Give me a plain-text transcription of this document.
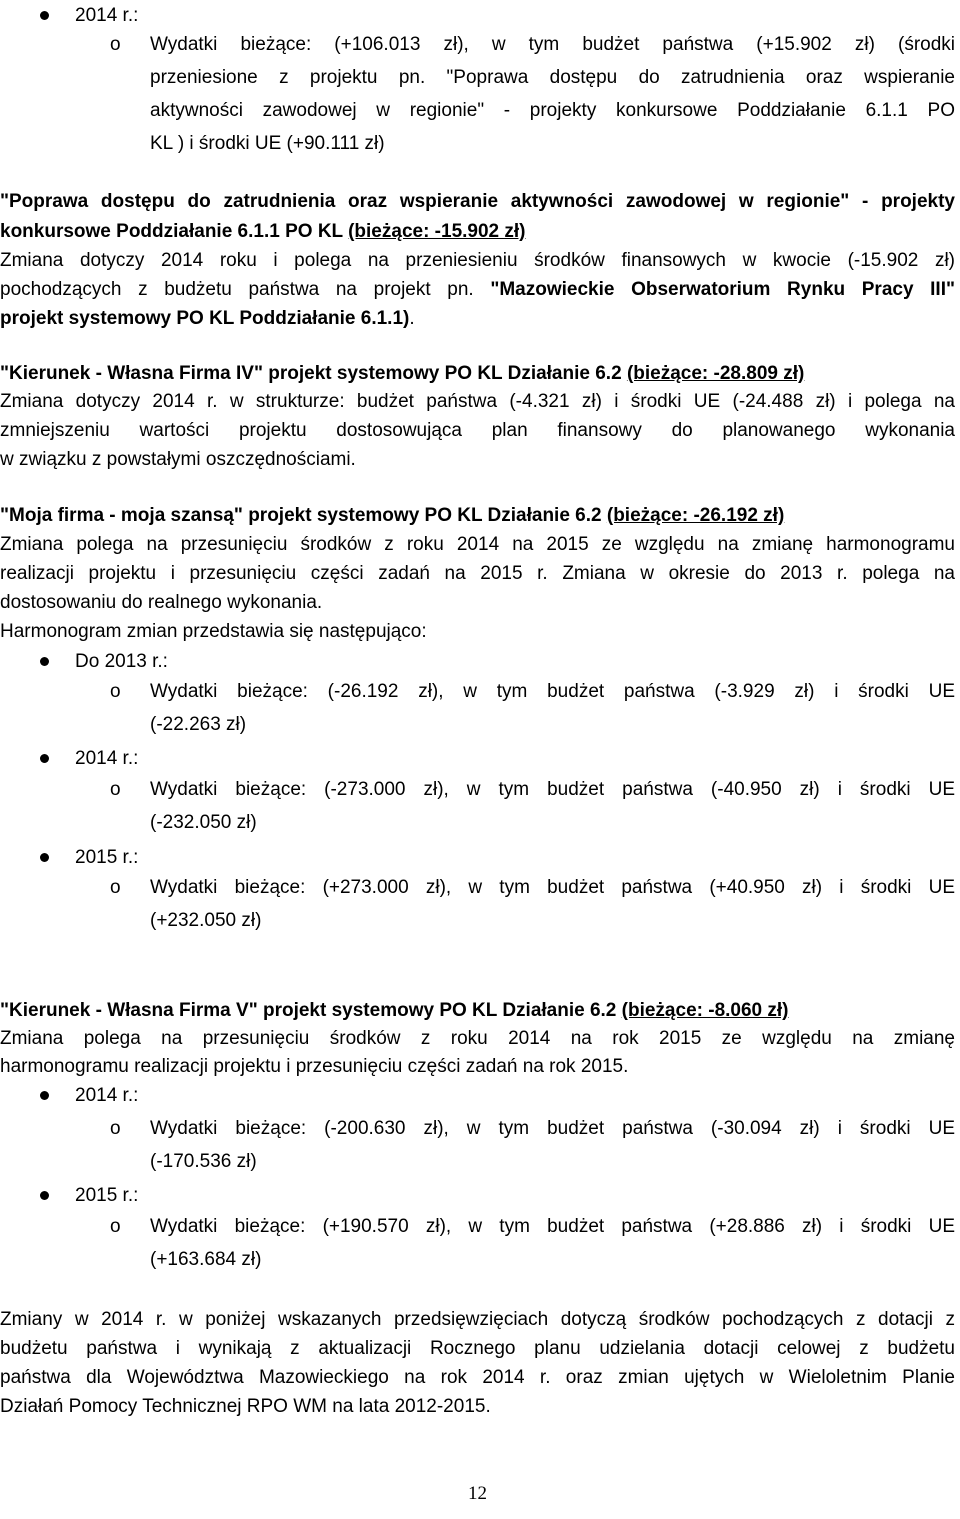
2014 r.:
o Wydatki bieżące: (+106.013 zł), w tym budżet państwa (+15.902 zł) (środki
przeniesione z projektu pn. "Poprawa dostępu do zatrudnienia oraz wspieranie
aktywności zawodowej w regionie" - projekty konkursowe Poddziałanie 6.1.1 PO
KL ) i środki UE (+90.111 zł)
"Poprawa dostępu do zatrudnienia oraz wspieranie aktywności zawodowej w regionie" - projekty
konkursowe Poddziałanie 6.1.1 PO KL (bieżące: -15.902 zł)
Zmiana dotyczy 2014 roku i polega na przeniesieniu środków finansowych w kwocie (-15.902 zł)
pochodzących z budżetu państwa na projekt pn. "Mazowieckie Obserwatorium Rynku Pracy III"
projekt systemowy PO KL Poddziałanie 6.1.1).
"Kierunek - Własna Firma IV" projekt systemowy PO KL Działanie 6.2 (bieżące: -28.809 zł)
Zmiana dotyczy 2014 r. w strukturze: budżet państwa (-4.321 zł) i środki UE (-24.488 zł) i polega na
zmniejszeniu wartości projektu dostosowująca plan finansowy do planowanego wykonania
w związku z powstałymi oszczędnościami.
"Moja firma - moja szansą" projekt systemowy PO KL Działanie 6.2 (bieżące: -26.192 zł)
Zmiana polega na przesunięciu środków z roku 2014 na 2015 ze względu na zmianę harmonogramu
realizacji projektu i przesunięciu części zadań na 2015 r. Zmiana w okresie do 2013 r. polega na
dostosowaniu do realnego wykonania.
Harmonogram zmian przedstawia się następująco:
Do 2013 r.:
o Wydatki bieżące: (-26.192 zł), w tym budżet państwa (-3.929 zł) i środki UE
(-22.263 zł)
2014 r.:
o Wydatki bieżące: (-273.000 zł), w tym budżet państwa (-40.950 zł) i środki UE
(-232.050 zł)
2015 r.:
o Wydatki bieżące: (+273.000 zł), w tym budżet państwa (+40.950 zł) i środki UE
(+232.050 zł)
"Kierunek - Własna Firma V" projekt systemowy PO KL Działanie 6.2 (bieżące: -8.060 zł)
Zmiana polega na przesunięciu środków z roku 2014 na rok 2015 ze względu na zmianę
harmonogramu realizacji projektu i przesunięciu części zadań na rok 2015.
2014 r.:
o Wydatki bieżące: (-200.630 zł), w tym budżet państwa (-30.094 zł) i środki UE
(-170.536 zł)
2015 r.:
o Wydatki bieżące: (+190.570 zł), w tym budżet państwa (+28.886 zł) i środki UE
(+163.684 zł)
Zmiany w 2014 r. w poniżej wskazanych przedsięwzięciach dotyczą środków pochodzących z dotacji z
budżetu państwa i wynikają z aktualizacji Rocznego planu udzielania dotacji celowej z budżetu
państwa dla Województwa Mazowieckiego na rok 2014 r. oraz zmian ujętych w Wieloletnim Planie
Działań Pomocy Technicznej RPO WM na lata 2012-2015.
12
